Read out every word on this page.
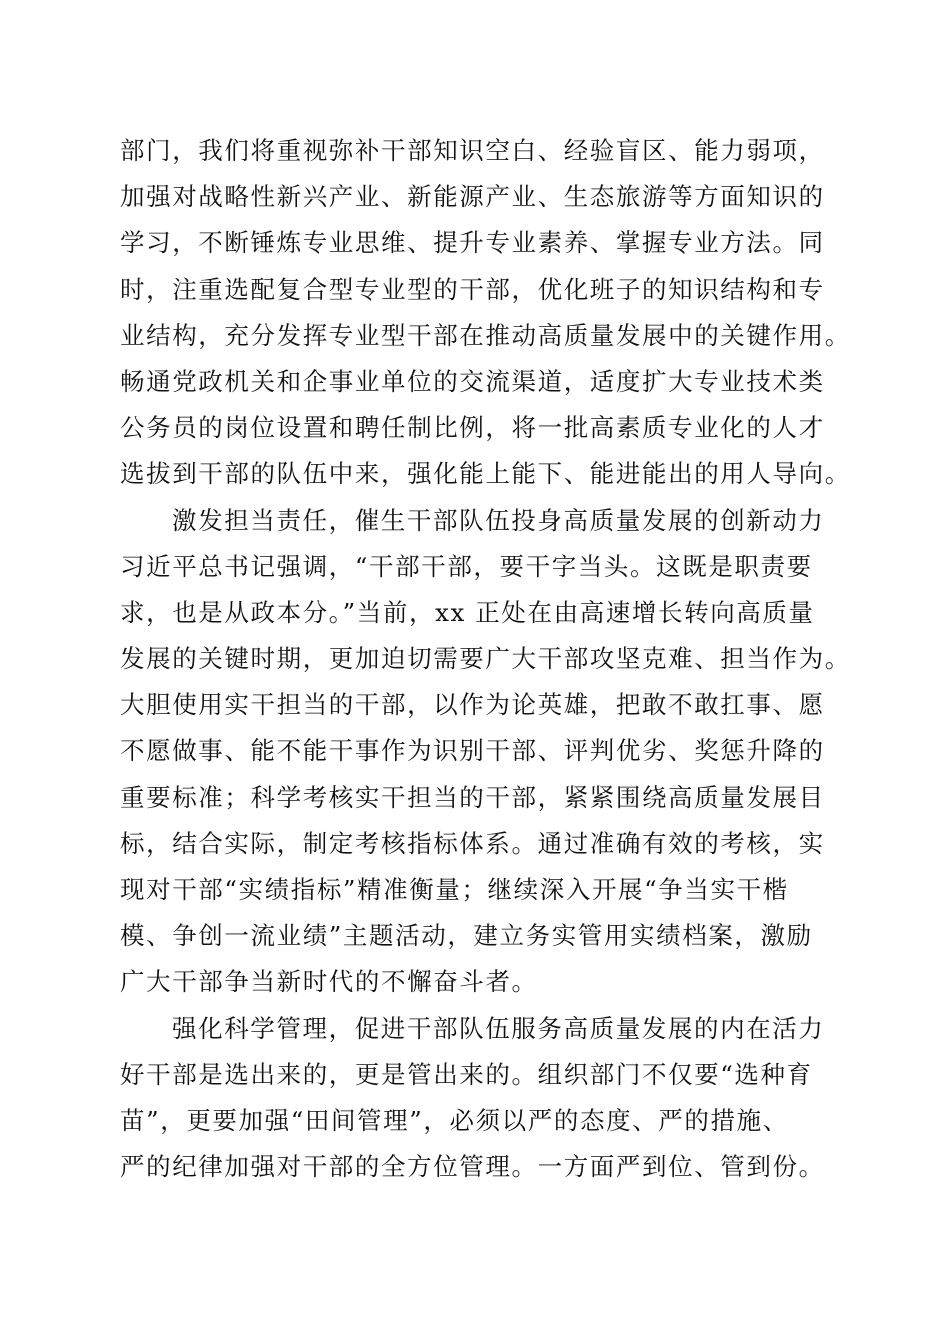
部门，我们将重视弥补干部知识空白、经验盲区、能力弱项，
加强对战略性新兴产业、新能源产业、生态旅游等方面知识的
学习，不断锤炼专业思维、提升专业素养、掌握专业方法。同
时，注重选配复合型专业型的干部，优化班子的知识结构和专
业结构，充分发挥专业型干部在推动高质量发展中的关键作用。
畅通党政机关和企事业单位的交流渠道，适度扩大专业技术类
公务员的岗位设置和聘任制比例，将一批高素质专业化的人才
选拔到干部的队伍中来，强化能上能下、能进能出的用人导向。
激发担当责任，催生干部队伍投身高质量发展的创新动力
习近平总书记强调，“干部干部，要干字当头。这既是职责要
求，也是从政本分。”当前，xx 正处在由高速增长转向高质量
发展的关键时期，更加迫切需要广大干部攻坚克难、担当作为。
大胆使用实干担当的干部，以作为论英雄，把敢不敢扛事、愿
不愿做事、能不能干事作为识别干部、评判优劣、奖惩升降的
重要标准；科学考核实干担当的干部，紧紧围绕高质量发展目
标，结合实际，制定考核指标体系。通过准确有效的考核，实
现对干部“实绩指标”精准衡量；继续深入开展“争当实干楷
模、争创一流业绩”主题活动，建立务实管用实绩档案，激励
广大干部争当新时代的不懈奋斗者。
强化科学管理，促进干部队伍服务高质量发展的内在活力
好干部是选出来的，更是管出来的。组织部门不仅要“选种育
苗”，更要加强“田间管理”，必须以严的态度、严的措施、
严的纪律加强对干部的全方位管理。一方面严到位、管到份。
